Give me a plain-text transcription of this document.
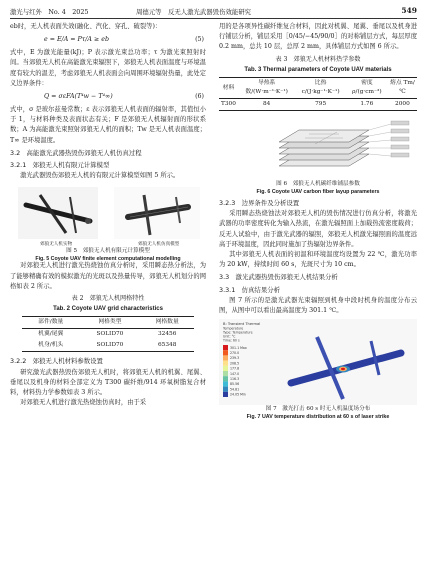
激光与红外　 No. 4　 2025	周德元等　反无人激光武器毁伤效能研究	549

eb时，无人机表面失效(融化、汽化、穿孔、破裂等)：

e = E/A = Pτ/A ≥ eb	(5)

式中，E 为激光能量(kJ)；P 表示激光束总功率；τ 为激光束照射时间。当郊狼无人机在高能激光束辐照下，郊狼无人机表面温度与环境温度有较大的温差，考虑郊狼无人机表面会向周围环境辐射热量，此处定义边界条件：

Q = σεFA(T⁴w − T⁴∞)	(6)

式中，σ 是玻尔兹曼常数；ε 表示郊狼无人机表面的辐射率，其值恒小于 1，与材料种类及表面状态有关；F 是郊狼无人机辐射面的形状系数；A 为高能激光束照射郊狼无人机的面积；Tw 是无人机表面温度；T∞ 是环境温度。

3.2　高能激光武器热毁伤郊狼无人机仿真过程
3.2.1　郊狼无人机有限元计算模型

激光武器毁伤郊狼无人机的有限元计算模型如图 5 所示。

郊狼无人机实物	郊狼无人机仿真模型
图 5　郊狼无人机有限元计算模型
Fig. 5 Coyote UAV finite element computational modelling

对郊狼无人机进行激光热烧蚀仿真分析时，采用瞬态热分析法，为了能够精确有效的模拟激光的光斑以及热量传导，郊狼无人机划分的网格如表 2 所示。

表 2　郊狼无人机网格特性
Tab. 2 Coyote UAV grid characteristics
部件/数量	网格类型	网格数量
机翼/尾翼	SOLID70	32456
机身/机头	SOLID70	65348
3.2.2　郊狼无人机材料参数设置

研究激光武器热毁伤郊狼无人机时，将郊狼无人机的机翼、尾翼、垂尾以及机身的材料全部定义为 T300 碳纤维/914 环氧树脂复合材料，材料热力学参数如表 3 所示。

对郊狼无人机进行激光热烧蚀仿真时，由于采

用的是各项异性碳纤维复合材料，因此对机翼、尾翼、垂尾以及机身进行铺层分析，铺层采用［0/45/−45/90/0］的对称铺层方式，每层厚度 0.2 mm，总共 10 层，总厚 2 mm，具体铺层方式如图 6 所示。

表 3　郊狼无人机材料热学参数
Tab. 3 Thermal parameters of Coyote UAV materials
材料	导热系数/(W·m⁻¹·K⁻¹)	比热 c/(J·kg⁻¹·K⁻¹)	密度 ρ/(g·cm⁻³)	熔点 Tm/℃
T300	84	795	1.76	2000
图 6　郊狼无人机碳纤维铺层参数
Fig. 6 Coyote UAV carbon fiber layup parameters
3.2.3　边界条件及分析设置

采用瞬态热烧蚀法对郊狼无人机的毁伤情况进行仿真分析，将激光武器的功率密度转化为输入热流，在激光辐照面上加载热流密度载荷；反无人试验中，由于激光武器的辐照，郊狼无人机激光辐照面的温度远高于环境温度，因此同时施加了热辐射边界条件。

其中郊狼无人机表面的初温和环境温度均设置为 22 ℃，激光功率为 20 kW，持续时间 60 s，光斑尺寸为 10 cm。

3.3　激光武器热毁伤郊狼无人机结果分析
3.3.1　仿真结果分析

图 7 所示的是激光武器光束辐照到机身中段时机身的温度分布云图，从图中可以看出最高温度为 301.1 ℃。

B: Transient Thermal
Temperature
Type: Temperature
Unit: °C
Time: 60 s
301.1 Max
270.0
239.3
208.5
177.8
147.0
116.3
85.56
54.81
24.05 Min
图 7　激光打击 60 s 时无人机温度场分布
Fig. 7 UAV temperature distribution at 60 s of laser strike
